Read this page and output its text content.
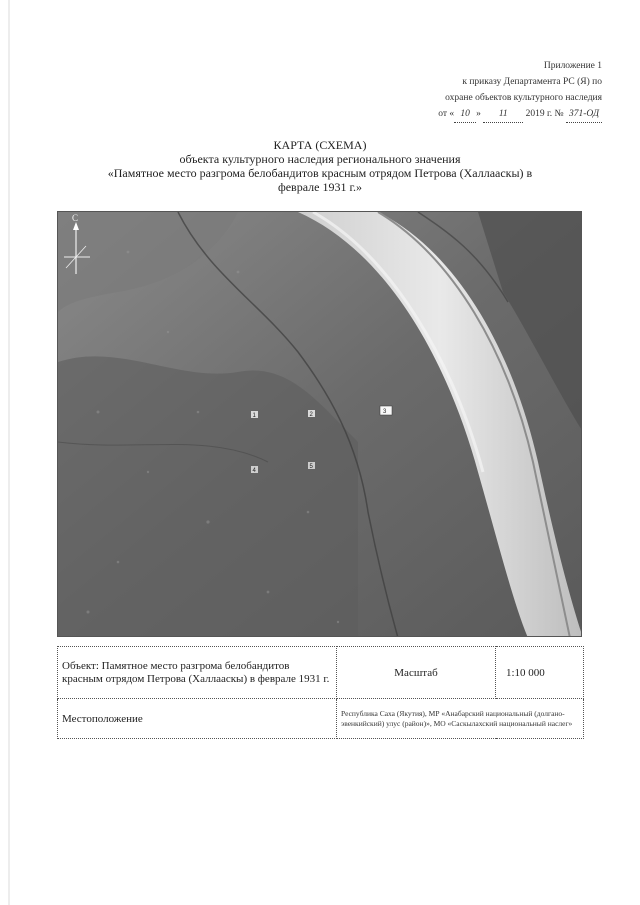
Приложение 1
к приказу Департамента РС (Я) по
охране объектов культурного наследия
от « 10 » 11 2019 г. № 371-ОД
КАРТА (СХЕМА)
объекта культурного наследия регионального значения
«Памятное место разгрома белобандитов красным отрядом Петрова (Халлааскы) в
феврале 1931 г.»
С
1	2	3
4
5
Объект: Памятное место разгрома белобандитов красным отрядом Петрова (Халлааскы) в феврале 1931 г.	Масштаб	1:10 000
Местоположение	Республика Саха (Якутия), МР «Анабарский национальный (долгано-эвенкийский) улус (район)», МО «Саскылахский национальный наслег»	
